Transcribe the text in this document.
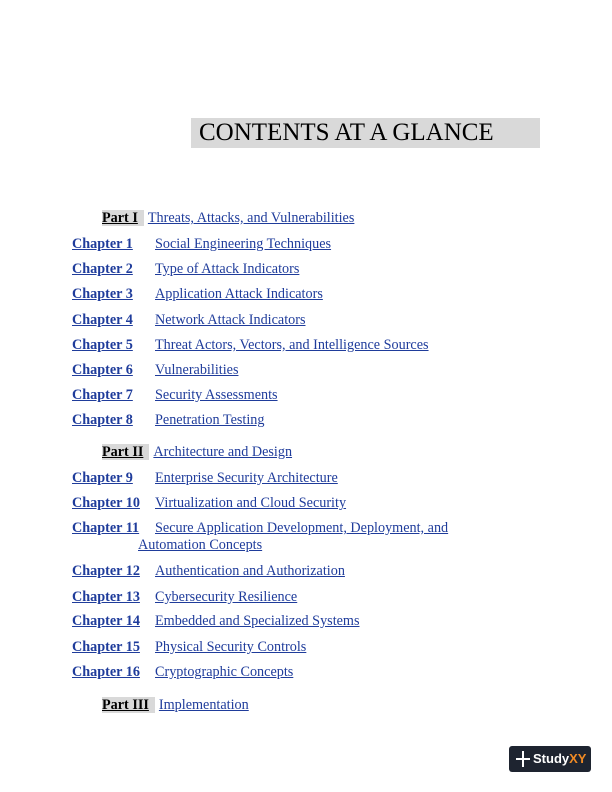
CONTENTS AT A GLANCE
Part I Threats, Attacks, and Vulnerabilities
Chapter 1 Social Engineering Techniques
Chapter 2 Type of Attack Indicators
Chapter 3 Application Attack Indicators
Chapter 4 Network Attack Indicators
Chapter 5 Threat Actors, Vectors, and Intelligence Sources
Chapter 6 Vulnerabilities
Chapter 7 Security Assessments
Chapter 8 Penetration Testing
Part II Architecture and Design
Chapter 9 Enterprise Security Architecture
Chapter 10 Virtualization and Cloud Security
Chapter 11 Secure Application Development, Deployment, and
Automation Concepts
Chapter 12 Authentication and Authorization
Chapter 13 Cybersecurity Resilience
Chapter 14 Embedded and Specialized Systems
Chapter 15 Physical Security Controls
Chapter 16 Cryptographic Concepts
Part III Implementation
StudyXY
